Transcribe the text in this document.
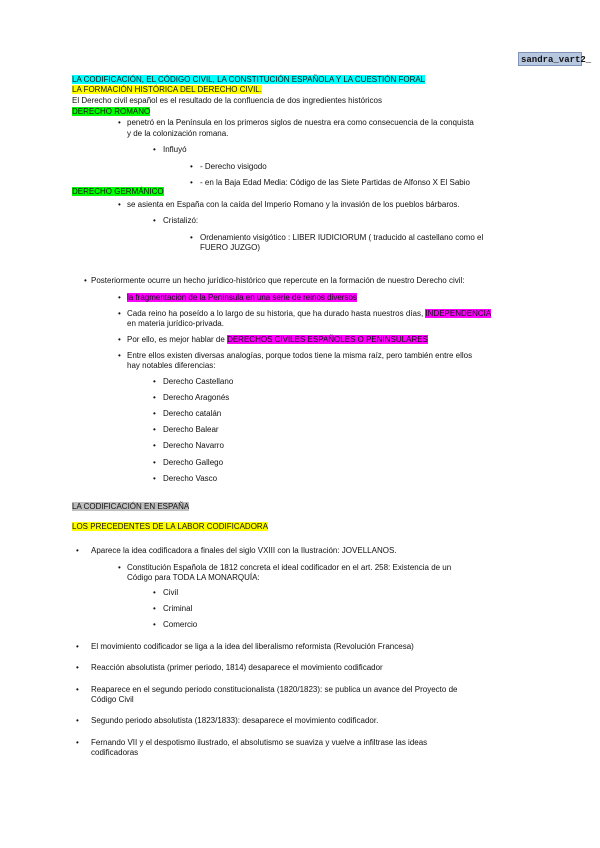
sandra_vart2_
LA CODIFICACIÓN, EL CÓDIGO CIVIL, LA CONSTITUCIÓN ESPAÑOLA Y LA CUESTIÓN FORAL
LA FORMACIÓN HISTÓRICA DEL DERECHO CIVIL.
El Derecho civil español es el resultado de la confluencia de dos ingredientes históricos
DERECHO ROMANO
• penetró en la Península en los primeros siglos de nuestra era como consecuencia de la conquista
y de la colonización romana.
• Influyó
• - Derecho visigodo
• - en la Baja Edad Media: Código de las Siete Partidas de Alfonso X El Sabio
DERECHO GERMÁNICO
• se asienta en España con la caída del Imperio Romano y la invasión de los pueblos bárbaros.
• Cristalizó:
• Ordenamiento visigótico : LIBER IUDICIORUM ( traducido al castellano como el
FUERO JUZGO)
• Posteriormente ocurre un hecho jurídico-histórico que repercute en la formación de nuestro Derecho civil:
• la fragmentación de la Península en una serie de reinos diversos
• Cada reino ha poseído a lo largo de su historia, que ha durado hasta nuestros días, INDEPENDENCIA
en materia jurídico-privada.
• Por ello, es mejor hablar de DERECHOS CIVILES ESPAÑOLES O PENINSULARES
• Entre ellos existen diversas analogías, porque todos tiene la misma raíz, pero también entre ellos
hay notables diferencias:
• Derecho Castellano
• Derecho Aragonés
• Derecho catalán
• Derecho Balear
• Derecho Navarro
• Derecho Gallego
• Derecho Vasco
LA CODIFICACIÓN EN ESPAÑA
LOS PRECEDENTES DE LA LABOR CODIFICADORA
• Aparece la idea codificadora a finales del siglo VXIII con la Ilustración: JOVELLANOS.
• Constitución Española de 1812 concreta el ideal codificador en el art. 258: Existencia de un
Código para TODA LA MONARQUÍA:
• Civil
• Criminal
• Comercio
• El movimiento codificador se liga a la idea del liberalismo reformista (Revolución Francesa)
• Reacción absolutista (primer periodo, 1814) desaparece el movimiento codificador
• Reaparece en el segundo periodo constitucionalista (1820/1823): se publica un avance del Proyecto de
Código Civil
• Segundo periodo absolutista (1823/1833): desaparece el movimiento codificador.
• Fernando VII y el despotismo ilustrado, el absolutismo se suaviza y vuelve a infiltrase las ideas
codificadoras
